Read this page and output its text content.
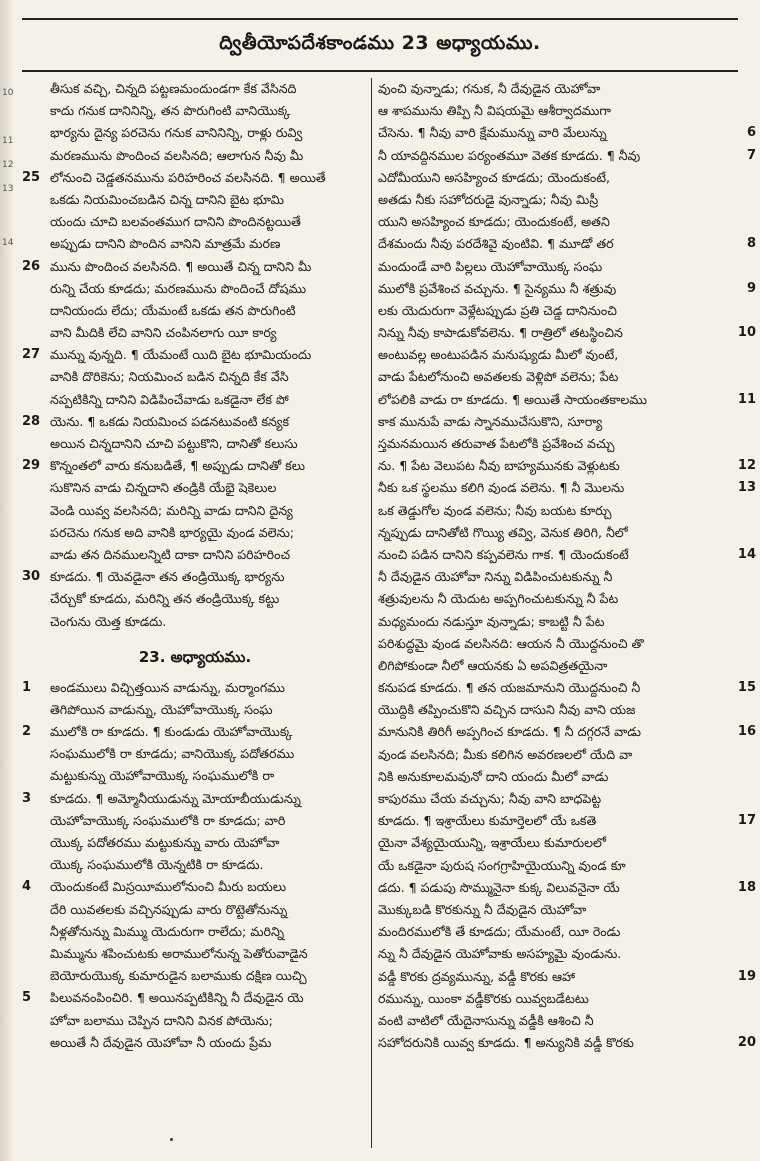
10
11
12
13
14
ద్వితీయోపదేశకాండము 23 అధ్యాయము.
తీసుక వచ్చి, చిన్నది పట్టణమందుండగా కేక వేసినది
కాదు గనుక దానినిన్ని, తన పొరుగింటి వానియొక్క
భార్యను దైన్య పరచెను గనుక వానినిన్ని, రాళ్లు రువ్వి
మరణమును పొందించ వలసినది; ఆలాగున నీవు మీ
25 లోనుంచి చెడ్డతనమును పరిహరించ వలసినది. ¶ అయితే
ఒకడు నియమించబడిన చిన్న దానిని బైట భూమి
యందు చూచి బలవంతముగ దానిని పొందినట్టయితే
అప్పుడు దానిని పొందిన వానిని మాత్రమే మరణ
26 మును పొందించ వలసినది. ¶ అయితే చిన్న దానిని మీ
రున్ని చేయ కూడదు; మరణమును పొందించే దోషము
దానియందు లేదు; యేమంటే ఒకడు తన పొరుగింటి
వాని మీదికి లేచి వానిని చంపినలాగు యీ కార్య
27 మున్ను వున్నది. ¶ యేమంటే యిది బైట భూమియందు
వానికి దొరికెను; నియమించ బడిన చిన్నది కేక వేసి
నప్పటికిన్ని దానిని విడిపించేవాడు ఒకడైనా లేక పో
28 యెను. ¶ ఒకడు నియమించ పడనటువంటి కన్యక
అయిన చిన్నదానిని చూచి పట్టుకొని, దానితో కలుసు
29 కొన్నంతలో వారు కనుబడితే, ¶ అప్పుడు దానితో కలు
సుకొనిన వాడు చిన్నదాని తండ్రికి యేభై షెకెలుల
వెండి యివ్వ వలసినది; మరిన్ని వాడు దానిని దైన్య
పరచెను గనుక అది వానికి భార్యయై వుండ వలెను;
వాడు తన దినములన్నిటి దాకా దానిని పరిహరించ
30 కూడదు. ¶ యెవడైనా తన తండ్రియొక్క భార్యను
చేర్చుకో కూడదు, మరిన్ని తన తండ్రియొక్క కట్టు
చెంగును యెత్త కూడదు.
23. అధ్యాయము.
1	అండములు విచ్చిత్తయిన వాడున్ను, మర్మాంగము
తెగిపోయిన వాడున్ను, యెహోవాయొక్క సంఘ
2	ములోకి రా కూడదు. ¶ కుండుడు యెహోవాయొక్క
సంఘములోకి రా కూడదు; వానియొక్క పదోతరము
మట్టుకున్ను యెహోవాయొక్క సంఘములోకి రా
3	కూడదు. ¶ అమ్మోనీయుడున్ను మోయాబీయుడున్ను
యెహోవాయొక్క సంఘములోకి రా కూడదు; వారి
యొక్క పదోతరము మట్టుకున్ను వారు యెహోవా
యొక్క సంఘములోకి యెన్నటికి రా కూడదు.
4	యెందుకంటే మిస్రయీములోనుంచి మీరు బయలు
దేరి యివతలకు వచ్చినప్పుడు వారు రొట్టెతోనున్ను
నీళ్లతోనున్ను మిమ్ము యెదురుగా రాలేదు; మరిన్ని
మిమ్మును శపించుటకు అరాములోనున్న పెతోరువాడైన
బెయోరుయొక్క కుమారుడైన బలాముకు దక్షిణ యిచ్చి
5	పిలువనంపించిరి. ¶ అయినప్పటికిన్ని నీ దేవుడైన యె
హోవా బలాము చెప్పిన దానిని వినక పోయెను;
అయితే నీ దేవుడైన యెహోవా నీ యందు ప్రేమ
వుంచి వున్నాడు; గనుక, నీ దేవుడైన యెహోవా
ఆ శాపమును తిప్పి నీ విషయమై ఆశీర్వాదముగా
6
చేసెను. ¶ నీవు వారి క్షేమమున్ను వారి మేలున్ను
7
నీ యావద్దినముల పర్యంతమూ వెతక కూడదు. ¶ నీవు
ఎదోమీయుని అసహ్యించ కూడదు; యెందుకంటే,
అతడు నీకు సహోదరుడై వున్నాడు; నీవు మిస్రీ
యుని అసహ్యించ కూడదు; యెందుకంటే, అతని
8
దేశమందు నీవు పరదేశివై వుంటివి. ¶ మూడో తర
మందుండే వారి పిల్లలు యెహోవాయొక్క సంఘ
9
ములోకి ప్రవేశించ వచ్చును. ¶ సైన్యము నీ శత్రువు
లకు యెదురుగా వెళ్లేటప్పుడు ప్రతి చెడ్డ దానినుంచి
10
నిన్ను నీవు కాపాడుకోవలెను. ¶ రాత్రిలో తటస్థించిన
అంటువల్ల అంటుపడిన మనుష్యుడు మీలో వుంటే,
వాడు పేటలోనుంచి అవతలకు వెళ్లిపో వలెను; పేట
11
లోపలికి వాడు రా కూడదు. ¶ అయితే సాయంతకాలము
కాక మునుపే వాడు స్నానముచేసుకొని, సూర్యా
స్తమనమయిన తరువాత పేటలోకి ప్రవేశించ వచ్చు
12
ను. ¶ పేట వెలుపట నీవు బాహ్యమునకు వెళ్లుటకు
13
నీకు ఒక స్థలము కలిగి వుండ వలెను. ¶ నీ మొలను
ఒక తెడ్డుగోల వుండ వలెను; నీవు బయట కూర్చు
న్నప్పుడు దానితోటి గొయ్యి తవ్వి, వెనుక తిరిగి, నీలో
14
నుంచి పడిన దానిని కప్పవలెను గాక. ¶ యెందుకంటే
నీ దేవుడైన యెహోవా నిన్ను విడిపించుటకున్ను నీ
శత్రువులను నీ యెదుట అప్పగించుటకున్ను నీ పేట
మధ్యమందు నడుస్తూ వున్నాడు; కాబట్టి నీ పేట
పరిశుద్ధమై వుండ వలసినది: ఆయన నీ యొద్దనుంచి తొ
లిగిపోకుండా నీలో ఆయనకు ఏ అపవిత్రతయైనా
15
కనుపడ కూడదు. ¶ తన యజమానుని యొద్దనుంచి నీ
యొద్దికి తప్పించుకొని వచ్చిన దాసుని నీవు వాని యజ
16
మానునికి తిరిగీ అప్పగించ కూడదు. ¶ నీ దగ్గరనే వాడు
వుండ వలసినది; మీకు కలిగిన అవరణలలో యేది వా
నికి అనుకూలమవునో దాని యందు మీలో వాడు
కాపురము చేయ వచ్చును; నీవు వాని బాధపెట్ట
17
కూడదు. ¶ ఇశ్రాయేలు కుమార్తెలలో యే ఒకతె
యైనా వేశ్యయైయున్ని, ఇశ్రాయేలు కుమారులలో
యే ఒకడైనా పురుష సంగగ్రాహియైయున్ని వుండ కూ
18
డదు. ¶ పడుపు సొమ్మునైనా కుక్క విలువనైనా యే
మొక్కుబడి కొరకున్ను నీ దేవుడైన యెహోవా
మందిరములోకి తే కూడదు; యేమంటే, యీ రెండు
న్ను నీ దేవుడైన యెహోవాకు అసహ్యమై వుండును.
19
వడ్డీ కొరకు ద్రవ్యమున్ను, వడ్డీ కొరకు ఆహా
రమున్ను, యింకా వడ్డీకొరకు యివ్వబడేటటు
వంటి వాటిలో యేదైనాసున్ను వడ్డీకి ఆశించి నీ
20
సహోదరునికి యివ్వ కూడదు. ¶ అన్యునికి వడ్డీ కొరకు
